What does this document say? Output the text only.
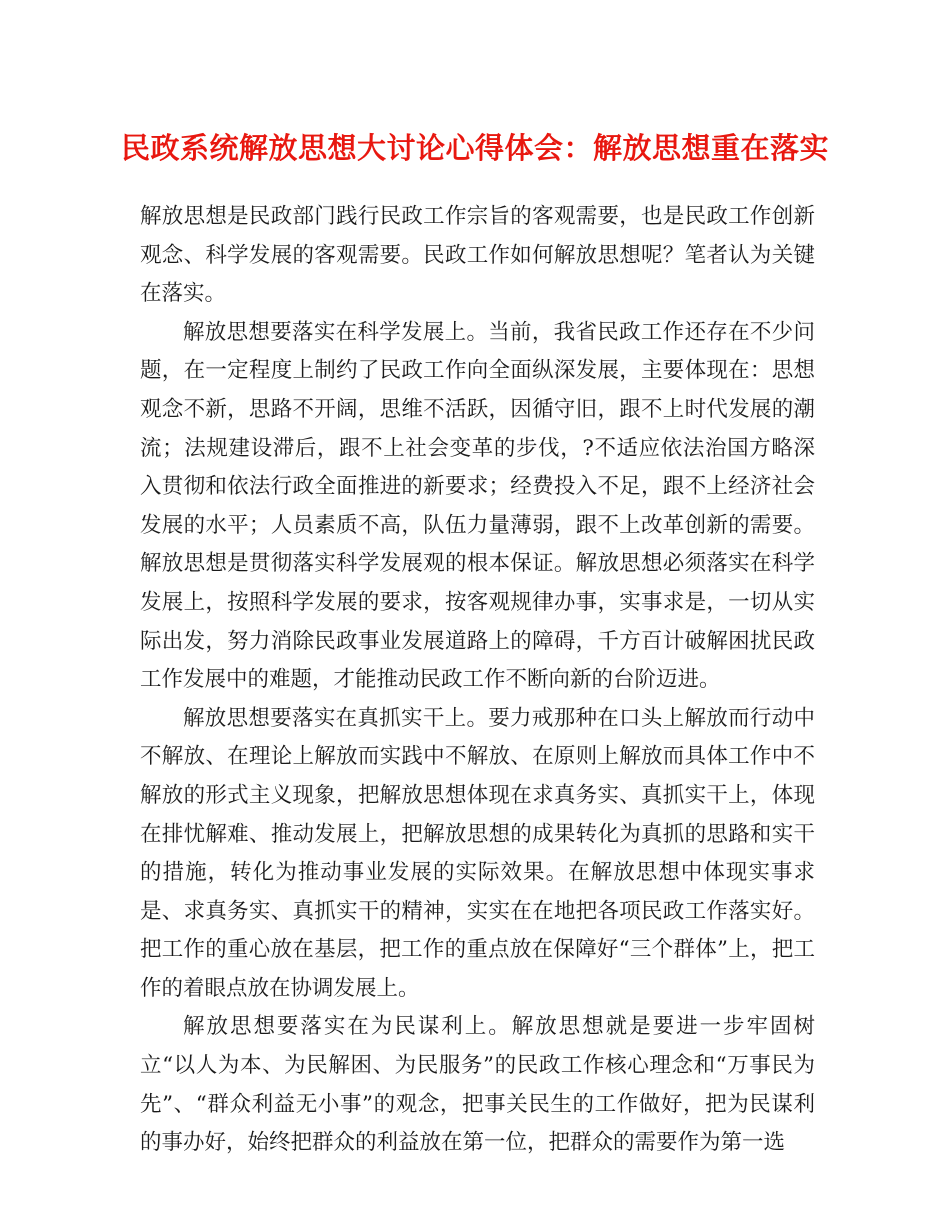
民政系统解放思想大讨论心得体会：解放思想重在落实

解放思想是民政部门践行民政工作宗旨的客观需要，也是民政工作创新观念、科学发展的客观需要。民政工作如何解放思想呢？笔者认为关键在落实。

解放思想要落实在科学发展上。当前，我省民政工作还存在不少问题，在一定程度上制约了民政工作向全面纵深发展，主要体现在：思想观念不新，思路不开阔，思维不活跃，因循守旧，跟不上时代发展的潮流；法规建设滞后，跟不上社会变革的步伐，?不适应依法治国方略深入贯彻和依法行政全面推进的新要求；经费投入不足，跟不上经济社会发展的水平；人员素质不高，队伍力量薄弱，跟不上改革创新的需要。解放思想是贯彻落实科学发展观的根本保证。解放思想必须落实在科学发展上，按照科学发展的要求，按客观规律办事，实事求是，一切从实际出发，努力消除民政事业发展道路上的障碍，千方百计破解困扰民政工作发展中的难题，才能推动民政工作不断向新的台阶迈进。

解放思想要落实在真抓实干上。要力戒那种在口头上解放而行动中不解放、在理论上解放而实践中不解放、在原则上解放而具体工作中不解放的形式主义现象，把解放思想体现在求真务实、真抓实干上，体现在排忧解难、推动发展上，把解放思想的成果转化为真抓的思路和实干的措施，转化为推动事业发展的实际效果。在解放思想中体现实事求是、求真务实、真抓实干的精神，实实在在地把各项民政工作落实好。把工作的重心放在基层，把工作的重点放在保障好“三个群体”上，把工作的着眼点放在协调发展上。

解放思想要落实在为民谋利上。解放思想就是要进一步牢固树立“以人为本、为民解困、为民服务”的民政工作核心理念和“万事民为先”、“群众利益无小事”的观念，把事关民生的工作做好，把为民谋利的事办好，始终把群众的利益放在第一位，把群众的需要作为第一选
